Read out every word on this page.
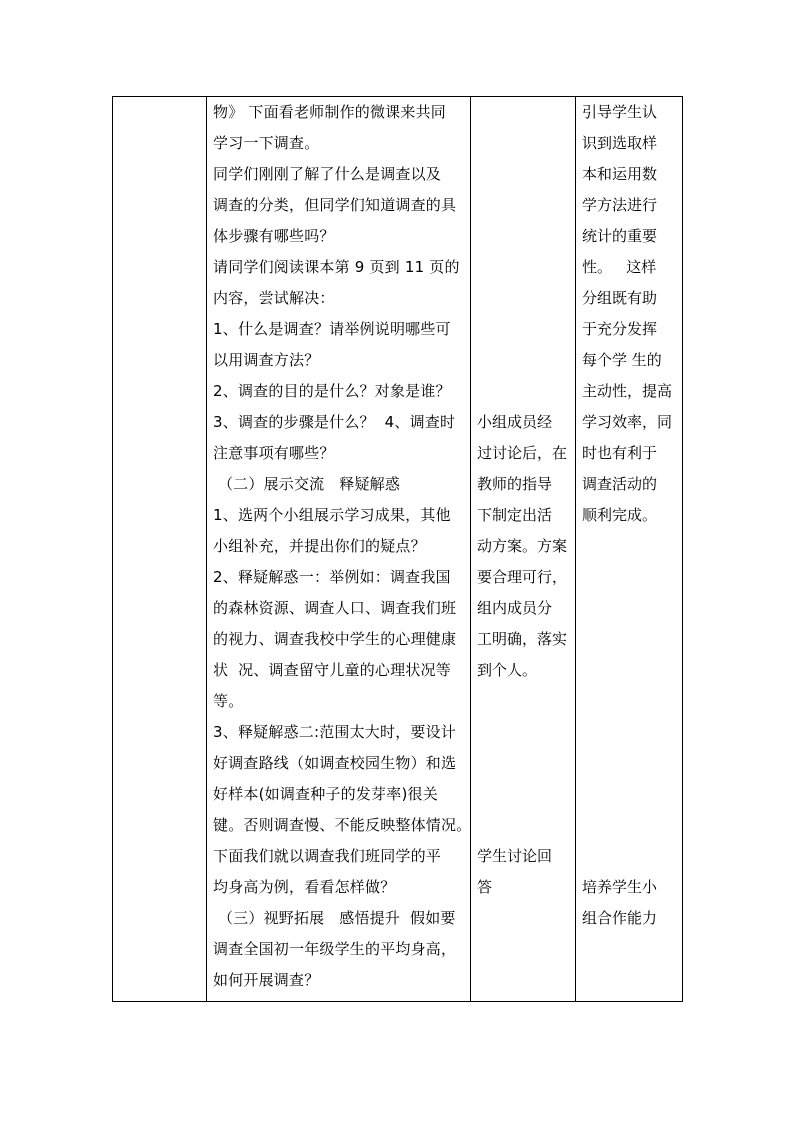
物》 下面看老师制作的微课来共同
学习一下调查。
同学们刚刚了解了什么是调查以及
调查的分类，但同学们知道调查的具
体步骤有哪些吗？
请同学们阅读课本第 9 页到 11 页的
内容，尝试解决：
1、什么是调查？请举例说明哪些可
以用调查方法？
2、调查的目的是什么？对象是谁？
3、调查的步骤是什么？  4、调查时
注意事项有哪些？
（二）展示交流   释疑解惑
1、选两个小组展示学习成果，其他
小组补充，并提出你们的疑点？
2、释疑解惑一：举例如：调查我国
的森林资源、调查人口、调查我们班
的视力、调查我校中学生的心理健康
状  况、调查留守儿童的心理状况等
等。
3、释疑解惑二:范围太大时，要设计
好调查路线（如调查校园生物）和选
好样本(如调查种子的发芽率)很关
键。否则调查慢、不能反映整体情况。
下面我们就以调查我们班同学的平
均身高为例，看看怎样做？
（三）视野拓展   感悟提升  假如要
调查全国初一年级学生的平均身高，
如何开展调查？

小组成员经
过讨论后，在
教师的指导
下制定出活
动方案。方案
要合理可行，
组内成员分
工明确，落实
到个人。
学生讨论回
答

引导学生认
识到选取样
本和运用数
学方法进行
统计的重要
性。   这样
分组既有助
于充分发挥
每个学 生的
主动性，提高
学习效率，同
时也有利于
调查活动的
顺利完成。
培养学生小
组合作能力
